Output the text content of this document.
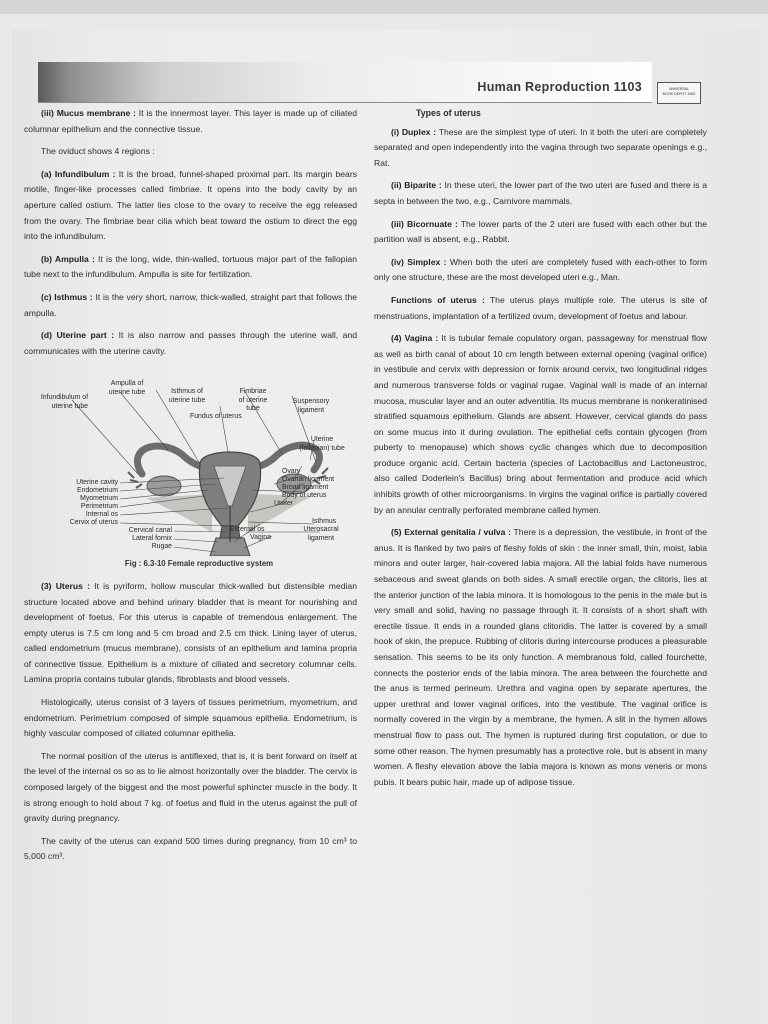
Human Reproduction 1103	UNIVERSAL
BOOK DEPOT 1960

(iii) Mucus membrane : It is the innermost layer. This layer is made up of ciliated columnar epithelium and the connective tissue.

The oviduct shows 4 regions :

(a) Infundibulum : It is the broad, funnel-shaped proximal part. Its margin bears motile, finger-like processes called fimbriae. It opens into the body cavity by an aperture called ostium. The latter lies close to the ovary to receive the egg released from the ovary. The fimbriae bear cilia which beat toward the ostium to direct the egg into the infundibulum.

(b) Ampulla : It is the long, wide, thin-walled, tortuous major part of the fallopian tube next to the infundibulum. Ampulla is site for fertilization.

(c) Isthmus : It is the very short, narrow, thick-walled, straight part that follows the ampulla.

(d) Uterine part : It is also narrow and passes through the uterine wall, and communicates with the uterine cavity.

Infundibulum of
uterine tube
Ampulla of
uterine tube	Isthmus of
uterine tube
Fundus of uterus
Fimbriae
of uterine
tube
Suspensory
ligament
Uterine
(fallopian) tube
Ovary
Ovarian ligament
Broad ligament
Body of uterus
Ureter
Isthmus
Uterosacral
ligament
External os
Vagina
Uterine cavity
Endometrium
Myometrium
Perimetrium
Internal os
Cervix of uterus
Cervical canal
Lateral fornix
Rugae

Fig : 6.3-10 Female reproductive system

(3) Uterus : It is pyriform, hollow muscular thick-walled but distensible median structure located above and behind urinary bladder that is meant for nourishing and development of foetus. For this uterus is capable of tremendous enlargement. The empty uterus is 7.5 cm long and 5 cm broad and 2.5 cm thick. Lining layer of uterus, called endometrium (mucus membrane), consists of an epithelium and lamina propria of connective tissue. Epithelium is a mixture of ciliated and secretory columnar cells. Lamina propria contains tubular glands, fibroblasts and blood vessels.

Histologically, uterus consist of 3 layers of tissues perimetrium, myometrium, and endometrium. Perimetrium composed of simple squamous epithelia. Endometrium, is highly vascular composed of ciliated columnar epithelia.

The normal position of the uterus is antiflexed, that is, it is bent forward on itself at the level of the internal os so as to lie almost horizontally over the bladder. The cervix is composed largely of the biggest and the most powerful sphincter muscle in the body. It is strong enough to hold about 7 kg. of foetus and fluid in the uterus against the pull of gravity during pregnancy.

The cavity of the uterus can expand 500 times during pregnancy, from 10 cm³ to 5,000 cm³.

Types of uterus

(i) Duplex : These are the simplest type of uteri. In it both the uteri are completely separated and open independently into the vagina through two separate openings e.g., Rat.

(ii) Biparite : In these uteri, the lower part of the two uteri are fused and there is a septa in between the two, e.g., Carnivore mammals.

(iii) Bicornuate : The lower parts of the 2 uteri are fused with each other but the partition wall is absent, e.g., Rabbit.

(iv) Simplex : When both the uteri are completely fused with each-other to form only one structure, these are the most developed uteri e.g., Man.

Functions of uterus : The uterus plays multiple role. The uterus is site of menstruations, implantation of a fertilized ovum, development of foetus and labour.

(4) Vagina : It is tubular female copulatory organ, passageway for menstrual flow as well as birth canal of about 10 cm length between external opening (vaginal orifice) in vestibule and cervix with depression or fornix around cervix, two longitudinal ridges and numerous transverse folds or vaginal rugae. Vaginal wall is made of an internal mucosa, muscular layer and an outer adventitia. Its mucus membrane is nonkeratinised stratified squamous epithelium. Glands are absent. However, cervical glands do pass on some mucus into it during ovulation. The epithelial cells contain glycogen (from puberty to menopause) which shows cyclic changes which due to decomposition produce organic acid. Certain bacteria (species of Lactobacillus and Lactoneustroc, also called Doderlein's Bacillus) bring about fermentation and produce acid which inhibits growth of other microorganisms. In virgins the vaginal orifice is partially covered by an annular centrally perforated membrane called hymen.

(5) External genitalia / vulva : There is a depression, the vestibule, in front of the anus. It is flanked by two pairs of fleshy folds of skin : the inner small, thin, moist, labia minora and outer larger, hair-covered labia majora. All the labial folds have numerous sebaceous and sweat glands on both sides. A small erectile organ, the clitoris, lies at the anterior junction of the labia minora. It is homologous to the penis in the male but is very small and solid, having no passage through it. It consists of a short shaft with erectile tissue. It ends in a rounded glans clitoridis. The latter is covered by a small hook of skin, the prepuce. Rubbing of clitoris during intercourse produces a pleasurable sensation. This seems to be its only function. A membranous fold, called fourchette, connects the posterior ends of the labia minora. The area between the fourchette and the anus is termed perineum. Urethra and vagina open by separate apertures, the upper urethral and lower vaginal orifices, into the vestibule. The vaginal orifice is normally covered in the virgin by a membrane, the hymen. A slit in the hymen allows menstrual flow to pass out. The hymen is ruptured during first copulation, or due to some other reason. The hymen presumably has a protective role, but is absent in many women. A fleshy elevation above the labia majora is known as mons veneris or mons pubis. It bears pubic hair, made up of adipose tissue.
